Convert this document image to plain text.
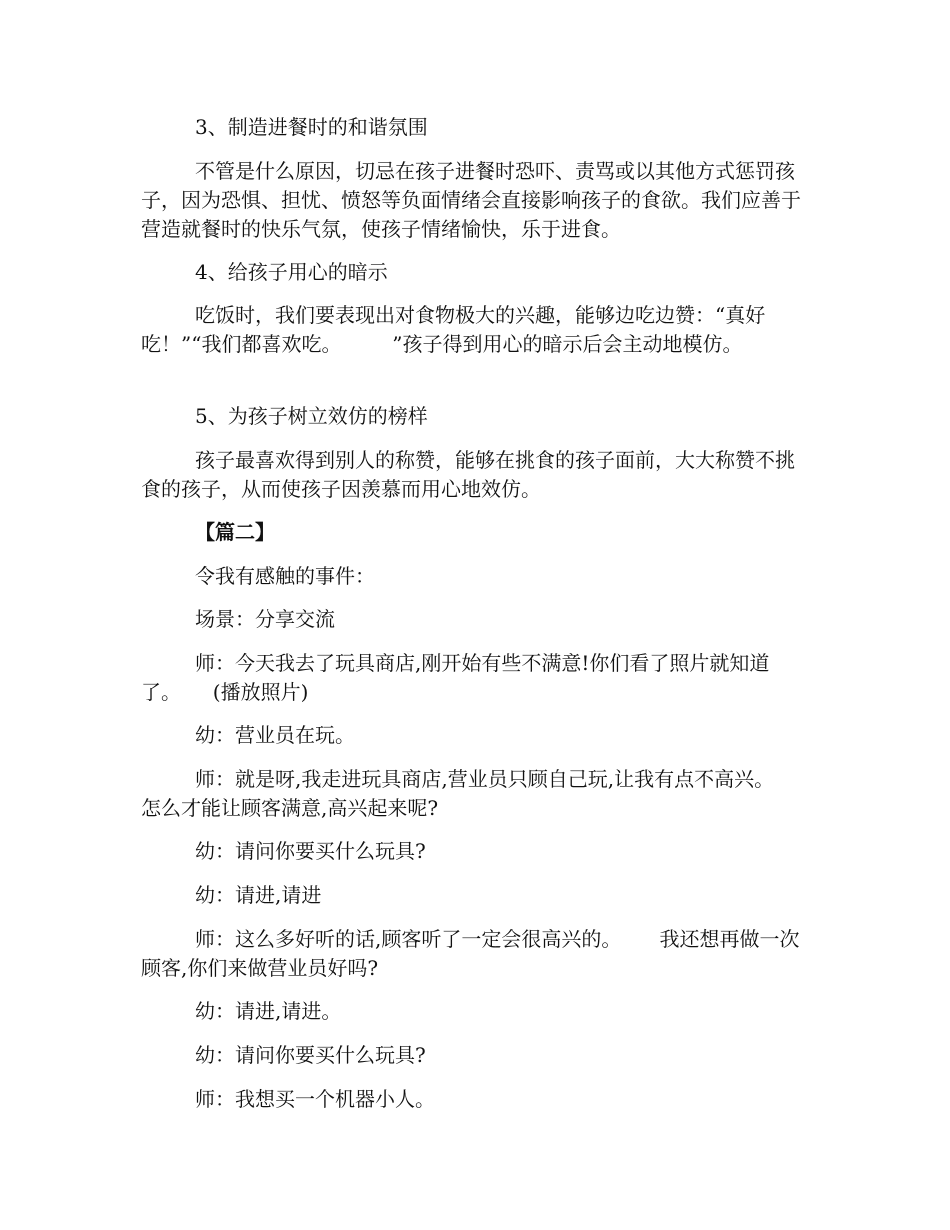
3、制造进餐时的和谐氛围
不管是什么原因，切忌在孩子进餐时恐吓、责骂或以其他方式惩罚孩子，因为恐惧、担忧、愤怒等负面情绪会直接影响孩子的食欲。我们应善于营造就餐时的快乐气氛，使孩子情绪愉快，乐于进食。
4、给孩子用心的暗示
吃饭时，我们要表现出对食物极大的兴趣，能够边吃边赞：“真好吃！”“我们都喜欢吃。        ”孩子得到用心的暗示后会主动地模仿。
5、为孩子树立效仿的榜样
孩子最喜欢得到别人的称赞，能够在挑食的孩子面前，大大称赞不挑食的孩子，从而使孩子因羡慕而用心地效仿。
【篇二】
令我有感触的事件：
场景：分享交流
师：今天我去了玩具商店,刚开始有些不满意!你们看了照片就知道了。     (播放照片)
幼：营业员在玩。
师：就是呀,我走进玩具商店,营业员只顾自己玩,让我有点不高兴。      怎么才能让顾客满意,高兴起来呢?
幼：请问你要买什么玩具?
幼：请进,请进
师：这么多好听的话,顾客听了一定会很高兴的。      我还想再做一次顾客,你们来做营业员好吗?
幼：请进,请进。
幼：请问你要买什么玩具?
师：我想买一个机器小人。
